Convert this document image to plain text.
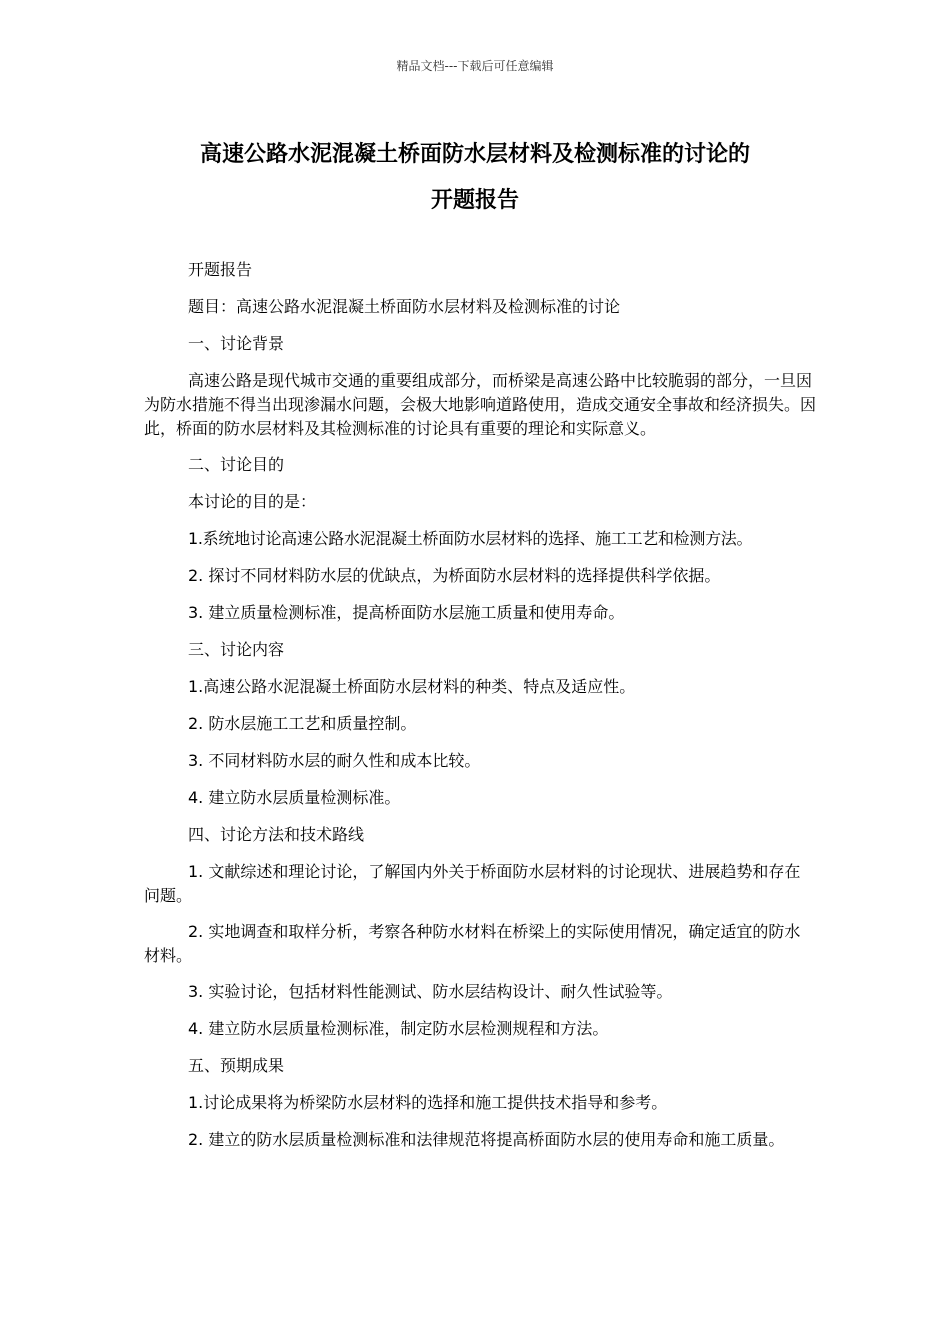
精品文档---下载后可任意编辑
高速公路水泥混凝土桥面防水层材料及检测标准的讨论的
开题报告

开题报告

题目：高速公路水泥混凝土桥面防水层材料及检测标准的讨论

一、讨论背景

高速公路是现代城市交通的重要组成部分，而桥梁是高速公路中比较脆弱的部分，一旦因为防水措施不得当出现渗漏水问题，会极大地影响道路使用，造成交通安全事故和经济损失。因此，桥面的防水层材料及其检测标准的讨论具有重要的理论和实际意义。

二、讨论目的

本讨论的目的是：

1.系统地讨论高速公路水泥混凝土桥面防水层材料的选择、施工工艺和检测方法。

2. 探讨不同材料防水层的优缺点，为桥面防水层材料的选择提供科学依据。

3. 建立质量检测标准，提高桥面防水层施工质量和使用寿命。

三、讨论内容

1.高速公路水泥混凝土桥面防水层材料的种类、特点及适应性。

2. 防水层施工工艺和质量控制。

3. 不同材料防水层的耐久性和成本比较。

4. 建立防水层质量检测标准。

四、讨论方法和技术路线

1. 文献综述和理论讨论，了解国内外关于桥面防水层材料的讨论现状、进展趋势和存在问题。

2. 实地调查和取样分析，考察各种防水材料在桥梁上的实际使用情况，确定适宜的防水材料。

3. 实验讨论，包括材料性能测试、防水层结构设计、耐久性试验等。

4. 建立防水层质量检测标准，制定防水层检测规程和方法。

五、预期成果

1.讨论成果将为桥梁防水层材料的选择和施工提供技术指导和参考。

2. 建立的防水层质量检测标准和法律规范将提高桥面防水层的使用寿命和施工质量。
